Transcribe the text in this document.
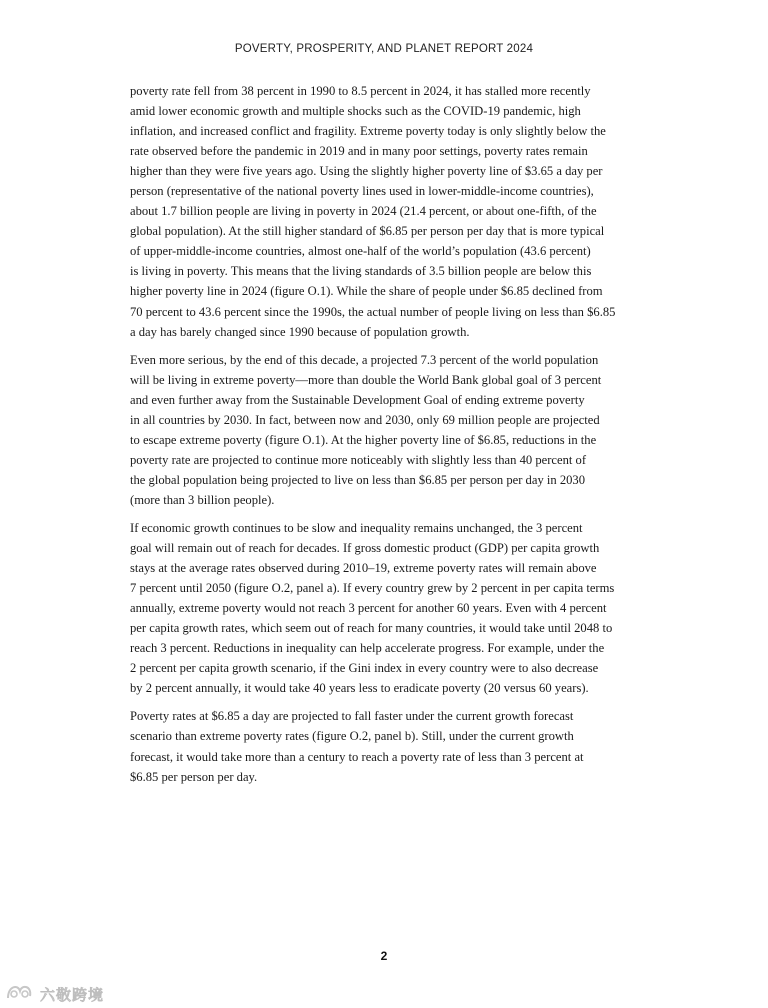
POVERTY, PROSPERITY, AND PLANET REPORT 2024

poverty rate fell from 38 percent in 1990 to 8.5 percent in 2024, it has stalled more recently
amid lower economic growth and multiple shocks such as the COVID-19 pandemic, high
inflation, and increased conflict and fragility. Extreme poverty today is only slightly below the
rate observed before the pandemic in 2019 and in many poor settings, poverty rates remain
higher than they were five years ago. Using the slightly higher poverty line of $3.65 a day per
person (representative of the national poverty lines used in lower-middle-income countries),
about 1.7 billion people are living in poverty in 2024 (21.4 percent, or about one-fifth, of the
global population). At the still higher standard of $6.85 per person per day that is more typical
of upper-middle-income countries, almost one-half of the world’s population (43.6 percent)
is living in poverty. This means that the living standards of 3.5 billion people are below this
higher poverty line in 2024 (figure O.1). While the share of people under $6.85 declined from
70 percent to 43.6 percent since the 1990s, the actual number of people living on less than $6.85
a day has barely changed since 1990 because of population growth.

Even more serious, by the end of this decade, a projected 7.3 percent of the world population
will be living in extreme poverty—more than double the World Bank global goal of 3 percent
and even further away from the Sustainable Development Goal of ending extreme poverty
in all countries by 2030. In fact, between now and 2030, only 69 million people are projected
to escape extreme poverty (figure O.1). At the higher poverty line of $6.85, reductions in the
poverty rate are projected to continue more noticeably with slightly less than 40 percent of
the global population being projected to live on less than $6.85 per person per day in 2030
(more than 3 billion people).

If economic growth continues to be slow and inequality remains unchanged, the 3 percent
goal will remain out of reach for decades. If gross domestic product (GDP) per capita growth
stays at the average rates observed during 2010–19, extreme poverty rates will remain above
7 percent until 2050 (figure O.2, panel a). If every country grew by 2 percent in per capita terms
annually, extreme poverty would not reach 3 percent for another 60 years. Even with 4 percent
per capita growth rates, which seem out of reach for many countries, it would take until 2048 to
reach 3 percent. Reductions in inequality can help accelerate progress. For example, under the
2 percent per capita growth scenario, if the Gini index in every country were to also decrease
by 2 percent annually, it would take 40 years less to eradicate poverty (20 versus 60 years).

Poverty rates at $6.85 a day are projected to fall faster under the current growth forecast
scenario than extreme poverty rates (figure O.2, panel b). Still, under the current growth
forecast, it would take more than a century to reach a poverty rate of less than 3 percent at
$6.85 per person per day.

2
六敬跨境
